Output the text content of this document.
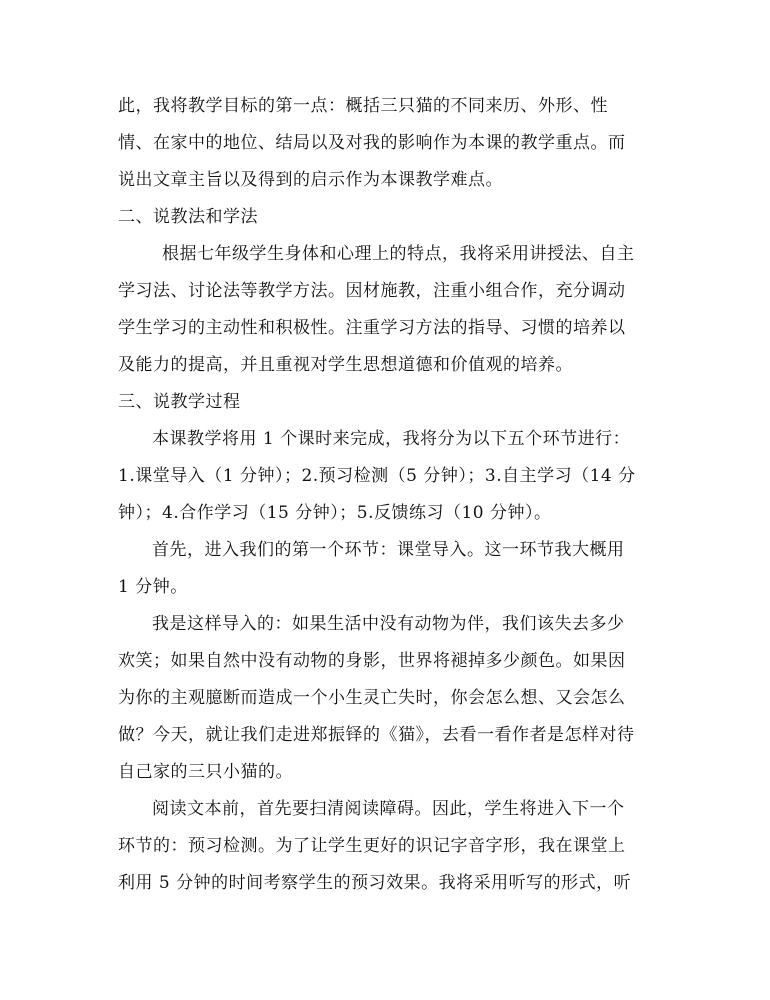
此，我将教学目标的第一点：概括三只猫的不同来历、外形、性
情、在家中的地位、结局以及对我的影响作为本课的教学重点。而
说出文章主旨以及得到的启示作为本课教学难点。
二、说教法和学法
根据七年级学生身体和心理上的特点，我将采用讲授法、自主
学习法、讨论法等教学方法。因材施教，注重小组合作，充分调动
学生学习的主动性和积极性。注重学习方法的指导、习惯的培养以
及能力的提高，并且重视对学生思想道德和价值观的培养。
三、说教学过程
本课教学将用 1 个课时来完成，我将分为以下五个环节进行：
1.课堂导入（1 分钟）；2.预习检测（5 分钟）；3.自主学习（14 分
钟）；4.合作学习（15 分钟）；5.反馈练习（10 分钟）。
首先，进入我们的第一个环节：课堂导入。这一环节我大概用
1 分钟。
我是这样导入的：如果生活中没有动物为伴，我们该失去多少
欢笑；如果自然中没有动物的身影，世界将褪掉多少颜色。如果因
为你的主观臆断而造成一个小生灵亡失时，你会怎么想、又会怎么
做？今天，就让我们走进郑振铎的《猫》，去看一看作者是怎样对待
自己家的三只小猫的。
阅读文本前，首先要扫清阅读障碍。因此，学生将进入下一个
环节的：预习检测。为了让学生更好的识记字音字形，我在课堂上
利用 5 分钟的时间考察学生的预习效果。我将采用听写的形式，听
